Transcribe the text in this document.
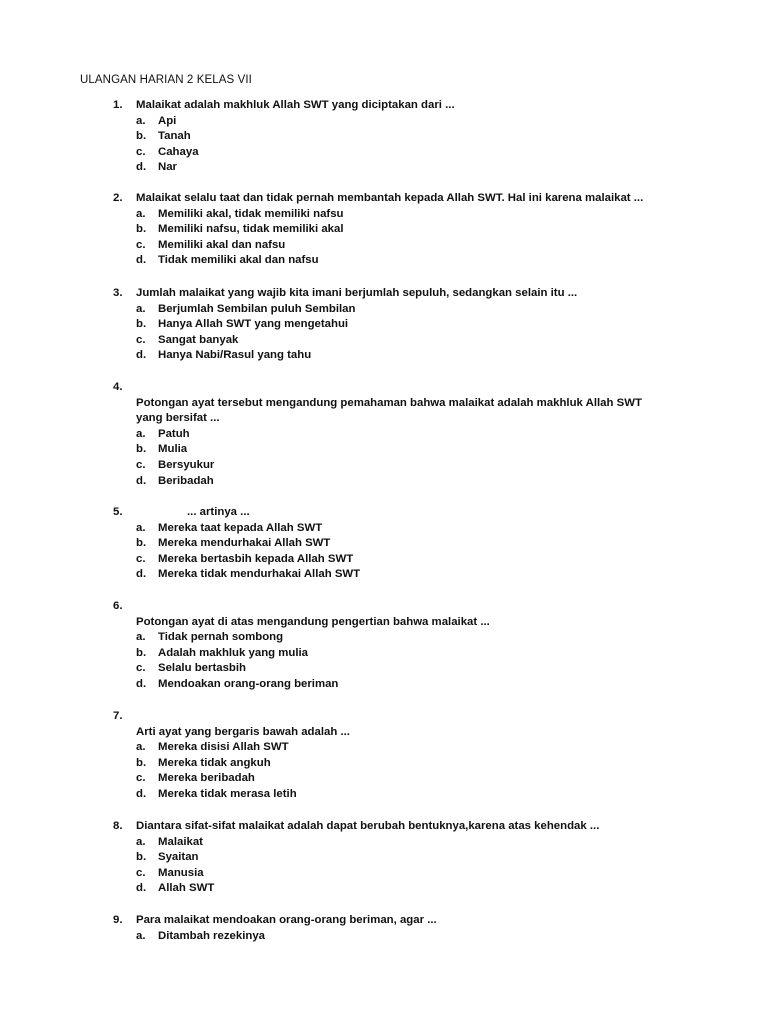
ULANGAN HARIAN 2 KELAS VII
1. Malaikat adalah makhluk Allah SWT yang diciptakan dari ...
a. Api
b. Tanah
c. Cahaya
d. Nar
2. Malaikat selalu taat dan tidak pernah membantah kepada Allah SWT. Hal ini karena malaikat ...
a. Memiliki akal, tidak memiliki nafsu
b. Memiliki nafsu, tidak memiliki akal
c. Memiliki akal dan nafsu
d. Tidak memiliki akal dan nafsu
3. Jumlah malaikat yang wajib kita imani berjumlah sepuluh, sedangkan selain itu ...
a. Berjumlah Sembilan puluh Sembilan
b. Hanya Allah SWT yang mengetahui
c. Sangat banyak
d. Hanya Nabi/Rasul yang tahu
4.
Potongan ayat tersebut mengandung pemahaman bahwa malaikat adalah makhluk Allah SWT
yang bersifat ...
a. Patuh
b. Mulia
c. Bersyukur
d. Beribadah
5.	... artinya ...
a. Mereka taat kepada Allah SWT
b. Mereka mendurhakai Allah SWT
c. Mereka bertasbih kepada Allah SWT
d. Mereka tidak mendurhakai Allah SWT
6.
Potongan ayat di atas mengandung pengertian bahwa malaikat ...
a. Tidak pernah sombong
b. Adalah makhluk yang mulia
c. Selalu bertasbih
d. Mendoakan orang-orang beriman
7.
Arti ayat yang bergaris bawah adalah ...
a. Mereka disisi Allah SWT
b. Mereka tidak angkuh
c. Mereka beribadah
d. Mereka tidak merasa letih
8. Diantara sifat-sifat malaikat adalah dapat berubah bentuknya,karena atas kehendak ...
a. Malaikat
b. Syaitan
c. Manusia
d. Allah SWT
9. Para malaikat mendoakan orang-orang beriman, agar ...
a. Ditambah rezekinya
